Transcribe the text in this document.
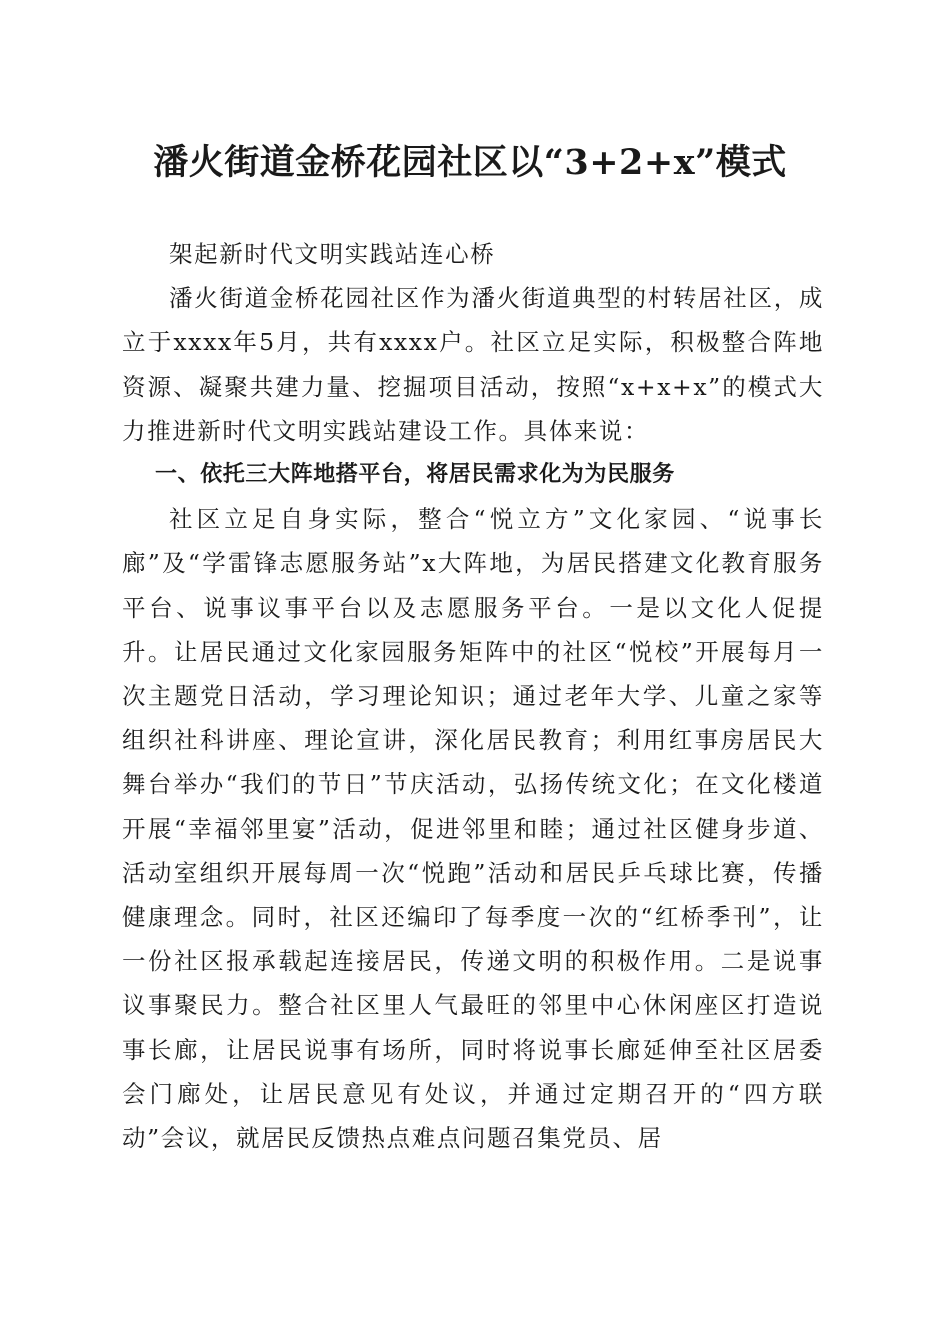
潘火街道金桥花园社区以“3+2+x”模式

架起新时代文明实践站连心桥

潘火街道金桥花园社区作为潘火街道典型的村转居社区，成立于xxxx年5月，共有xxxx户。社区立足实际，积极整合阵地资源、凝聚共建力量、挖掘项目活动，按照“x+x+x”的模式大力推进新时代文明实践站建设工作。具体来说：

一、依托三大阵地搭平台，将居民需求化为为民服务

社区立足自身实际，整合“悦立方”文化家园、“说事长廊”及“学雷锋志愿服务站”x大阵地，为居民搭建文化教育服务平台、说事议事平台以及志愿服务平台。一是以文化人促提升。让居民通过文化家园服务矩阵中的社区“悦校”开展每月一次主题党日活动，学习理论知识；通过老年大学、儿童之家等组织社科讲座、理论宣讲，深化居民教育；利用红事房居民大舞台举办“我们的节日”节庆活动，弘扬传统文化；在文化楼道开展“幸福邻里宴”活动，促进邻里和睦；通过社区健身步道、活动室组织开展每周一次“悦跑”活动和居民乒乓球比赛，传播健康理念。同时，社区还编印了每季度一次的“红桥季刊”，让一份社区报承载起连接居民，传递文明的积极作用。二是说事议事聚民力。整合社区里人气最旺的邻里中心休闲座区打造说事长廊，让居民说事有场所，同时将说事长廊延伸至社区居委会门廊处，让居民意见有处议，并通过定期召开的“四方联动”会议，就居民反馈热点难点问题召集党员、居
